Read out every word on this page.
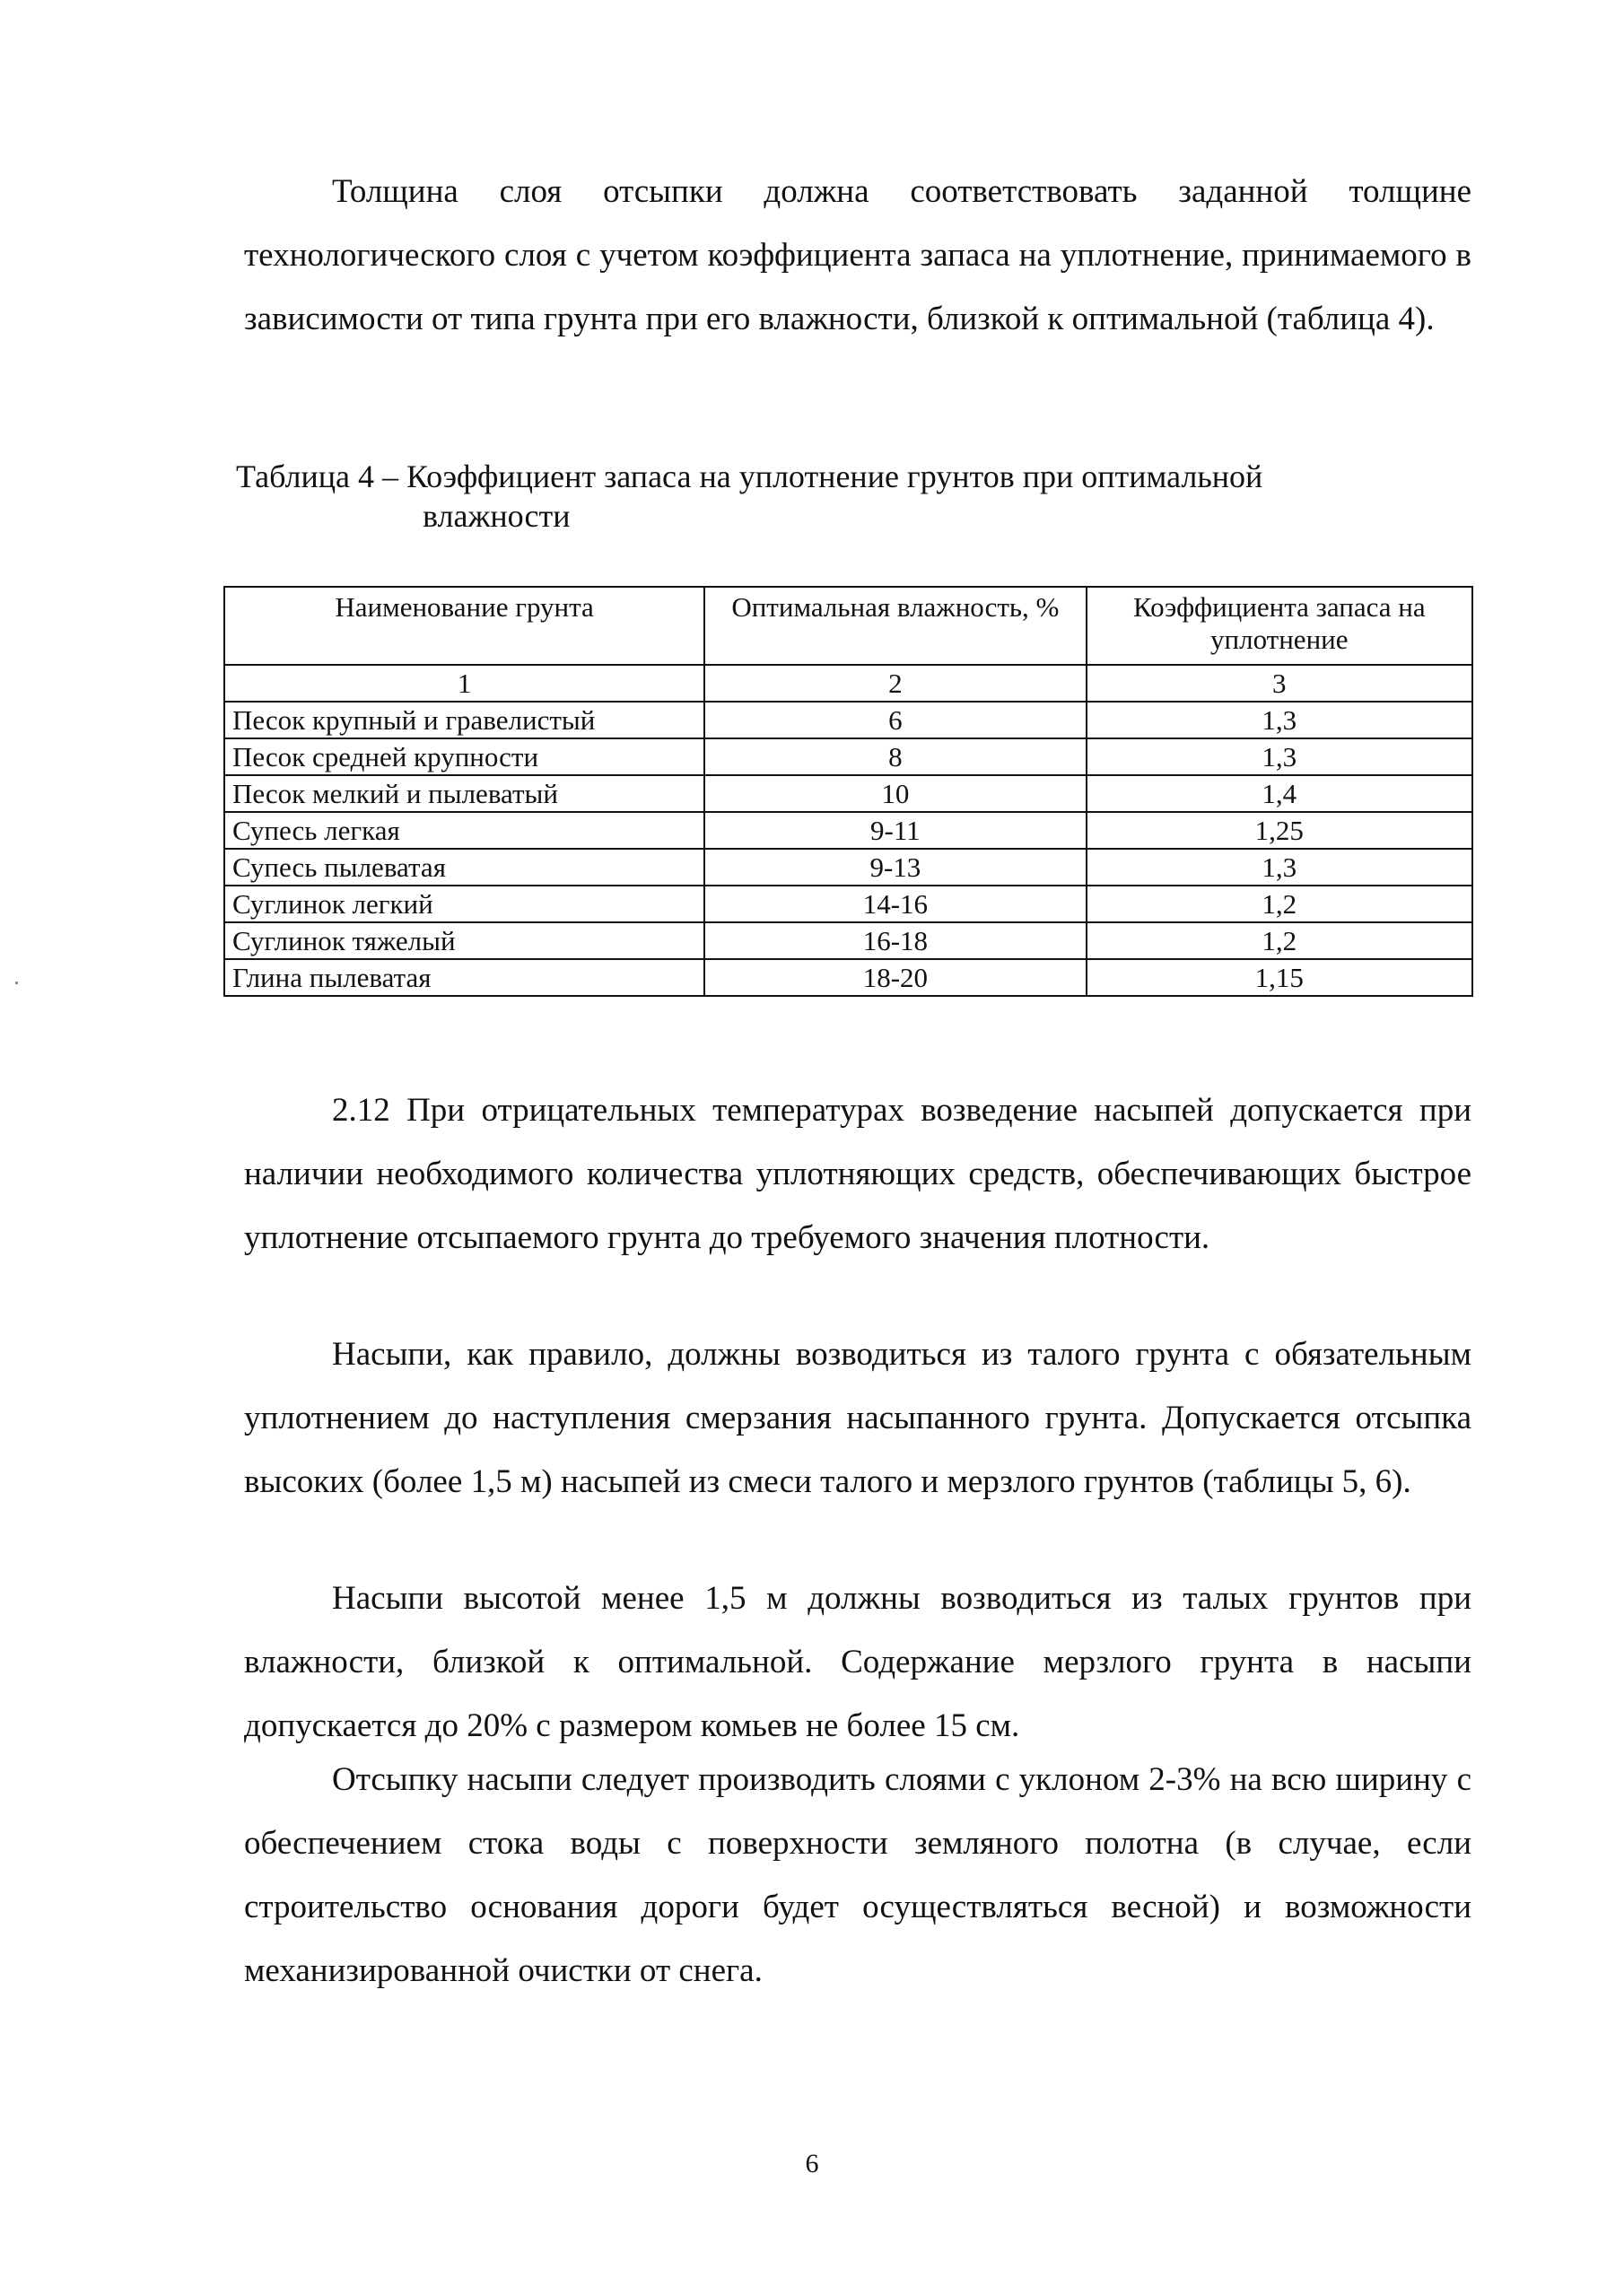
Толщина слоя отсыпки должна соответствовать заданной толщине технологического слоя с учетом коэффициента запаса на уплотнение, принимаемого в зависимости от типа грунта при его влажности, близкой к оптимальной (таблица 4).

Таблица 4 – Коэффициент запаса на уплотнение грунтов при оптимальной
влажности

Наименование грунта	Оптимальная влажность, %	Коэффициента запаса на уплотнение
1	2	3
Песок крупный и гравелистый	6	1,3
Песок средней крупности	8	1,3
Песок мелкий и пылеватый	10	1,4
Супесь легкая	9-11	1,25
Супесь пылеватая	9-13	1,3
Суглинок легкий	14-16	1,2
Суглинок тяжелый	16-18	1,2
Глина пылеватая	18-20	1,15

2.12 При отрицательных температурах возведение насыпей допускается при наличии необходимого количества уплотняющих средств, обеспечивающих быстрое уплотнение отсыпаемого грунта до требуемого значения плотности.

Насыпи, как правило, должны возводиться из талого грунта с обязательным уплотнением до наступления смерзания насыпанного грунта. Допускается отсыпка высоких (более 1,5 м) насыпей из смеси талого и мерзлого грунтов (таблицы 5, 6).

Насыпи высотой менее 1,5 м должны возводиться из талых грунтов при влажности, близкой к оптимальной. Содержание мерзлого грунта в насыпи допускается до 20% с размером комьев не более 15 см.

Отсыпку насыпи следует производить слоями с уклоном 2-3% на всю ширину с обеспечением стока воды с поверхности земляного полотна (в случае, если строительство основания дороги будет осуществляться весной) и возможности механизированной очистки от снега.

6
